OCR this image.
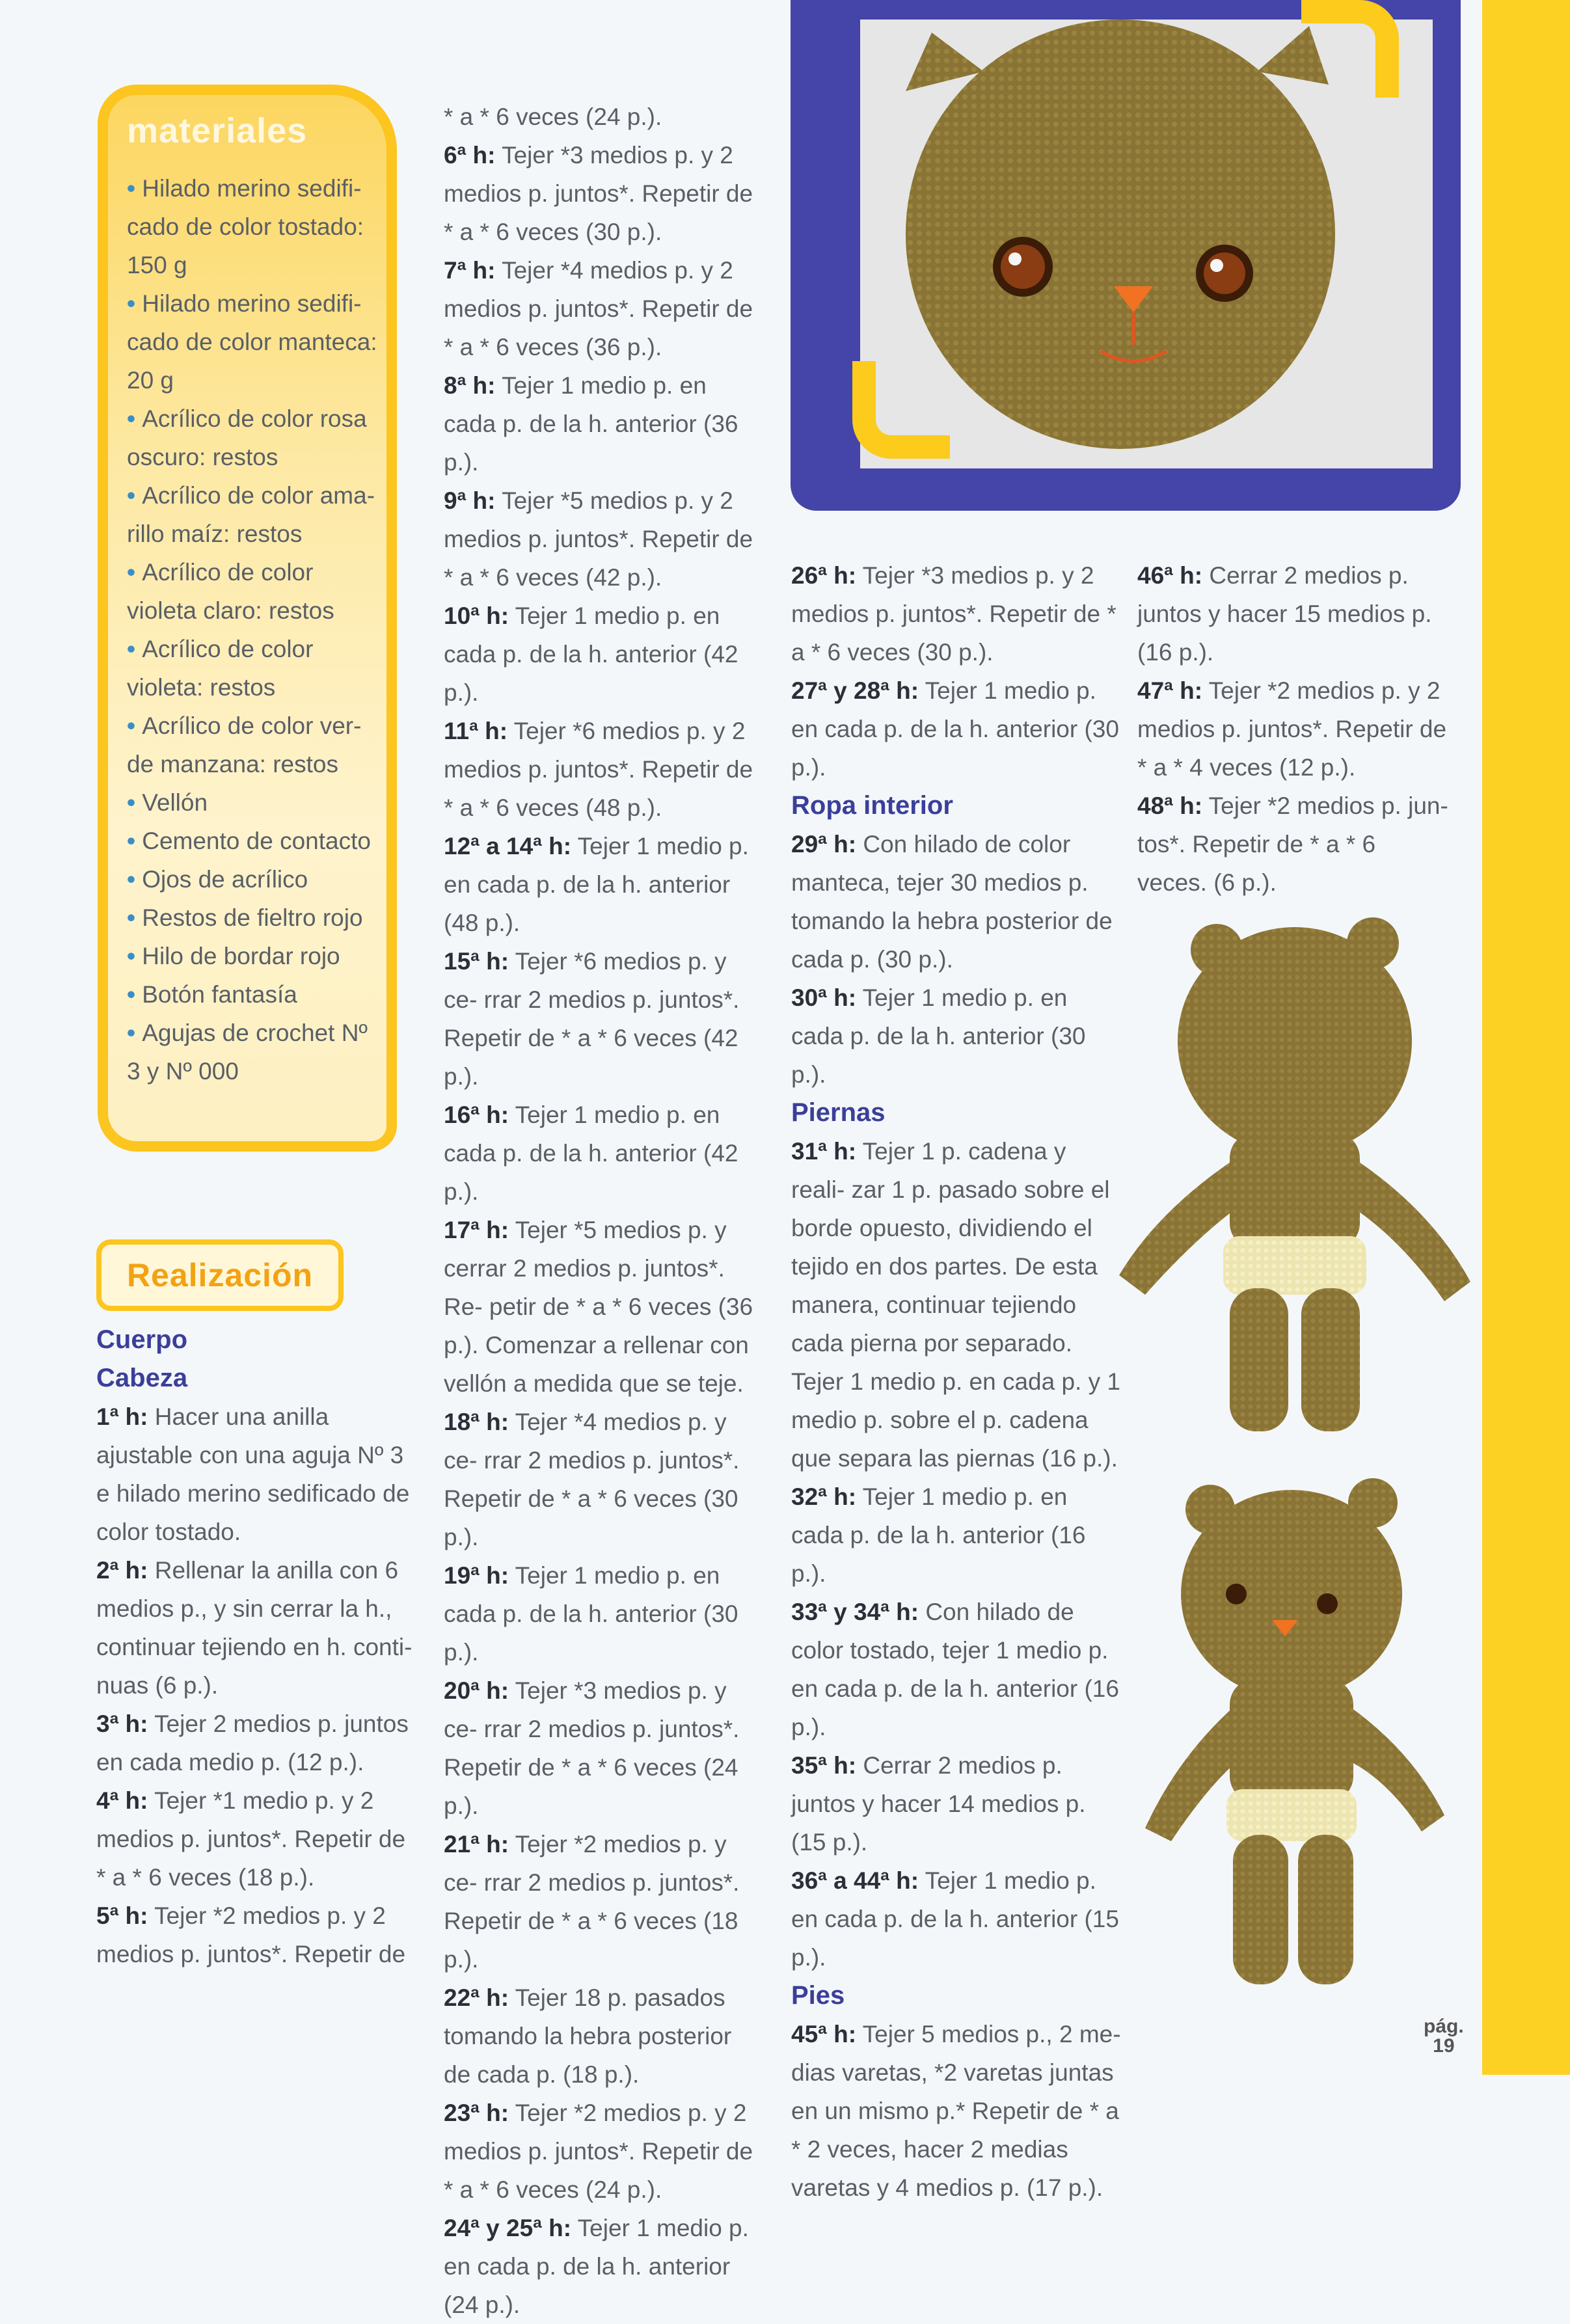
materiales
• Hilado merino sedifi- cado de color tostado: 150 g
• Hilado merino sedifi- cado de color manteca: 20 g
• Acrílico de color rosa oscuro: restos
• Acrílico de color ama- rillo maíz: restos
• Acrílico de color violeta claro: restos
• Acrílico de color violeta: restos
• Acrílico de color ver- de manzana: restos
• Vellón
• Cemento de contacto
• Ojos de acrílico
• Restos de fieltro rojo
• Hilo de bordar rojo
• Botón fantasía
• Agujas de crochet Nº 3 y Nº 000
Realización

Cuerpo

Cabeza

1ª h: Hacer una anilla ajustable con una aguja Nº 3 e hilado merino sedificado de color tostado.

2ª h: Rellenar la anilla con 6 medios p., y sin cerrar la h., continuar tejiendo en h. conti- nuas (6 p.).

3ª h: Tejer 2 medios p. juntos en cada medio p. (12 p.).

4ª h: Tejer *1 medio p. y 2 medios p. juntos*. Repetir de * a * 6 veces (18 p.).

5ª h: Tejer *2 medios p. y 2 medios p. juntos*. Repetir de

* a * 6 veces (24 p.).

6ª h: Tejer *3 medios p. y 2 medios p. juntos*. Repetir de * a * 6 veces (30 p.).

7ª h: Tejer *4 medios p. y 2 medios p. juntos*. Repetir de * a * 6 veces (36 p.).

8ª h: Tejer 1 medio p. en cada p. de la h. anterior (36 p.).

9ª h: Tejer *5 medios p. y 2 medios p. juntos*. Repetir de * a * 6 veces (42 p.).

10ª h: Tejer 1 medio p. en cada p. de la h. anterior (42 p.).

11ª h: Tejer *6 medios p. y 2 medios p. juntos*. Repetir de * a * 6 veces (48 p.).

12ª a 14ª h: Tejer 1 medio p. en cada p. de la h. anterior (48 p.).

15ª h: Tejer *6 medios p. y ce- rrar 2 medios p. juntos*. Repetir de * a * 6 veces (42 p.).

16ª h: Tejer 1 medio p. en cada p. de la h. anterior (42 p.).

17ª h: Tejer *5 medios p. y cerrar 2 medios p. juntos*. Re- petir de * a * 6 veces (36 p.). Comenzar a rellenar con vellón a medida que se teje.

18ª h: Tejer *4 medios p. y ce- rrar 2 medios p. juntos*. Repetir de * a * 6 veces (30 p.).

19ª h: Tejer 1 medio p. en cada p. de la h. anterior (30 p.).

20ª h: Tejer *3 medios p. y ce- rrar 2 medios p. juntos*. Repetir de * a * 6 veces (24 p.).

21ª h: Tejer *2 medios p. y ce- rrar 2 medios p. juntos*. Repetir de * a * 6 veces (18 p.).

22ª h: Tejer 18 p. pasados tomando la hebra posterior de cada p. (18 p.).

23ª h: Tejer *2 medios p. y 2 medios p. juntos*. Repetir de * a * 6 veces (24 p.).

24ª y 25ª h: Tejer 1 medio p. en cada p. de la h. anterior (24 p.).

26ª h: Tejer *3 medios p. y 2 medios p. juntos*. Repetir de * a * 6 veces (30 p.).

27ª y 28ª h: Tejer 1 medio p. en cada p. de la h. anterior (30 p.).

Ropa interior

29ª h: Con hilado de color manteca, tejer 30 medios p. tomando la hebra posterior de cada p. (30 p.).

30ª h: Tejer 1 medio p. en cada p. de la h. anterior (30 p.).

Piernas

31ª h: Tejer 1 p. cadena y reali- zar 1 p. pasado sobre el borde opuesto, dividiendo el tejido en dos partes. De esta manera, continuar tejiendo cada pierna por separado. Tejer 1 medio p. en cada p. y 1 medio p. sobre el p. cadena que separa las piernas (16 p.).

32ª h: Tejer 1 medio p. en cada p. de la h. anterior (16 p.).

33ª y 34ª h: Con hilado de color tostado, tejer 1 medio p. en cada p. de la h. anterior (16 p.).

35ª h: Cerrar 2 medios p. juntos y hacer 14 medios p. (15 p.).

36ª a 44ª h: Tejer 1 medio p. en cada p. de la h. anterior (15 p.).

Pies

45ª h: Tejer 5 medios p., 2 me- dias varetas, *2 varetas juntas en un mismo p.* Repetir de * a * 2 veces, hacer 2 medias varetas y 4 medios p. (17 p.).

46ª h: Cerrar 2 medios p. juntos y hacer 15 medios p. (16 p.).

47ª h: Tejer *2 medios p. y 2 medios p. juntos*. Repetir de * a * 4 veces (12 p.).

48ª h: Tejer *2 medios p. jun- tos*. Repetir de * a * 6 veces. (6 p.).

pág.
19
